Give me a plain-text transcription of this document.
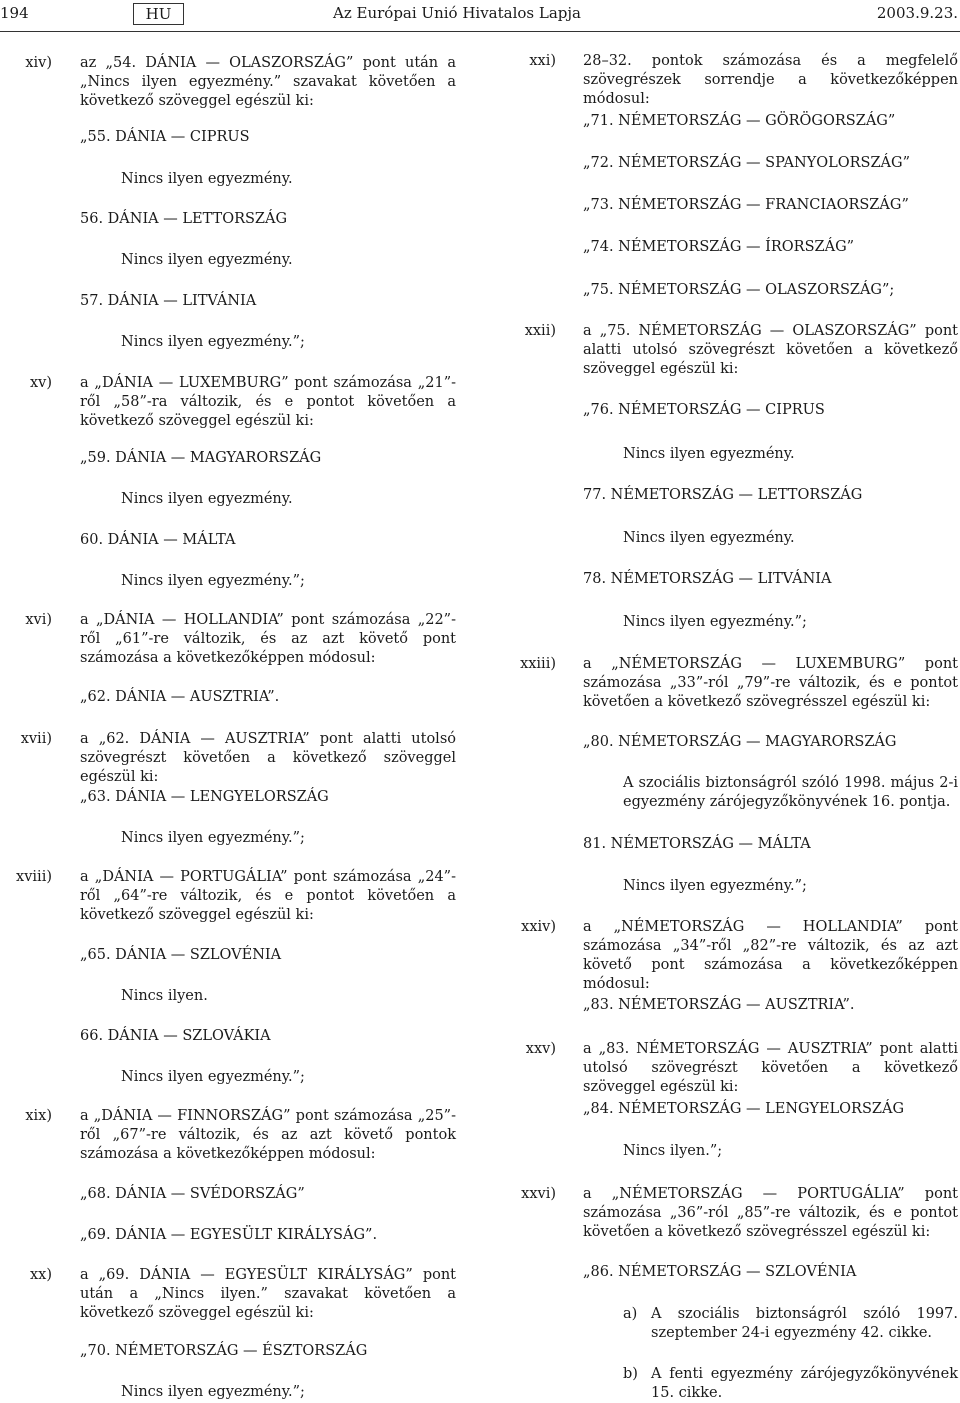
194	HU	Az Európai Unió Hivatalos Lapja	2003.9.23.
xiv) az „54. DÁNIA — OLASZORSZÁG” pont után a „Nincs ilyen egyezmény.” szavakat követően a következő szöveggel egészül ki:
„55. DÁNIA — CIPRUS
Nincs ilyen egyezmény.
56. DÁNIA — LETTORSZÁG
Nincs ilyen egyezmény.
57. DÁNIA — LITVÁNIA
Nincs ilyen egyezmény.”;
xv) a „DÁNIA — LUXEMBURG” pont számozása „21”-ről „58”-ra változik, és e pontot követően a következő szöveggel egészül ki:
„59. DÁNIA — MAGYARORSZÁG
Nincs ilyen egyezmény.
60. DÁNIA — MÁLTA
Nincs ilyen egyezmény.”;
xvi) a „DÁNIA — HOLLANDIA” pont számozása „22”-ről „61”-re változik, és az azt követő pont számozása a következőképpen módosul:
„62. DÁNIA — AUSZTRIA”.
xvii) a „62. DÁNIA — AUSZTRIA” pont alatti utolsó szövegrészt követően a következő szöveggel egészül ki:
„63. DÁNIA — LENGYELORSZÁG
Nincs ilyen egyezmény.”;
xviii) a „DÁNIA — PORTUGÁLIA” pont számozása „24”-ről „64”-re változik, és e pontot követően a következő szöveggel egészül ki:
„65. DÁNIA — SZLOVÉNIA
Nincs ilyen.
66. DÁNIA — SZLOVÁKIA
Nincs ilyen egyezmény.”;
xix) a „DÁNIA — FINNORSZÁG” pont számozása „25”-ről „67”-re változik, és az azt követő pontok számozása a következőképpen módosul:
„68. DÁNIA — SVÉDORSZÁG”
„69. DÁNIA — EGYESÜLT KIRÁLYSÁG”.
xx) a „69. DÁNIA — EGYESÜLT KIRÁLYSÁG” pont után a „Nincs ilyen.” szavakat követően a következő szöveggel egészül ki:
„70. NÉMETORSZÁG — ÉSZTORSZÁG
Nincs ilyen egyezmény.”;
xxi) 28–32. pontok számozása és a megfelelő szövegrészek sorrendje a következőképpen módosul:
„71. NÉMETORSZÁG — GÖRÖGORSZÁG”
„72. NÉMETORSZÁG — SPANYOLORSZÁG”
„73. NÉMETORSZÁG — FRANCIAORSZÁG”
„74. NÉMETORSZÁG — ÍRORSZÁG”
„75. NÉMETORSZÁG — OLASZORSZÁG”;
xxii) a „75. NÉMETORSZÁG — OLASZORSZÁG” pont alatti utolsó szövegrészt követően a következő szöveggel egészül ki:
„76. NÉMETORSZÁG — CIPRUS
Nincs ilyen egyezmény.
77. NÉMETORSZÁG — LETTORSZÁG
Nincs ilyen egyezmény.
78. NÉMETORSZÁG — LITVÁNIA
Nincs ilyen egyezmény.”;
xxiii) a „NÉMETORSZÁG — LUXEMBURG” pont számozása „33”-ról „79”-re változik, és e pontot követően a következő szövegrésszel egészül ki:
„80. NÉMETORSZÁG — MAGYARORSZÁG
A szociális biztonságról szóló 1998. május 2-i egyezmény zárójegyzőkönyvének 16. pontja.
81. NÉMETORSZÁG — MÁLTA
Nincs ilyen egyezmény.”;
xxiv) a „NÉMETORSZÁG — HOLLANDIA” pont számozása „34”-ről „82”-re változik, és az azt követő pont számozása a következőképpen módosul:
„83. NÉMETORSZÁG — AUSZTRIA”.
xxv) a „83. NÉMETORSZÁG — AUSZTRIA” pont alatti utolsó szövegrészt követően a következő szöveggel egészül ki:
„84. NÉMETORSZÁG — LENGYELORSZÁG
Nincs ilyen.”;
xxvi) a „NÉMETORSZÁG — PORTUGÁLIA” pont számozása „36”-ról „85”-re változik, és e pontot követően a következő szövegrésszel egészül ki:
„86. NÉMETORSZÁG — SZLOVÉNIA
a) A szociális biztonságról szóló 1997. szeptember 24-i egyezmény 42. cikke.
b) A fenti egyezmény zárójegyzőkönyvének 15. cikke.
